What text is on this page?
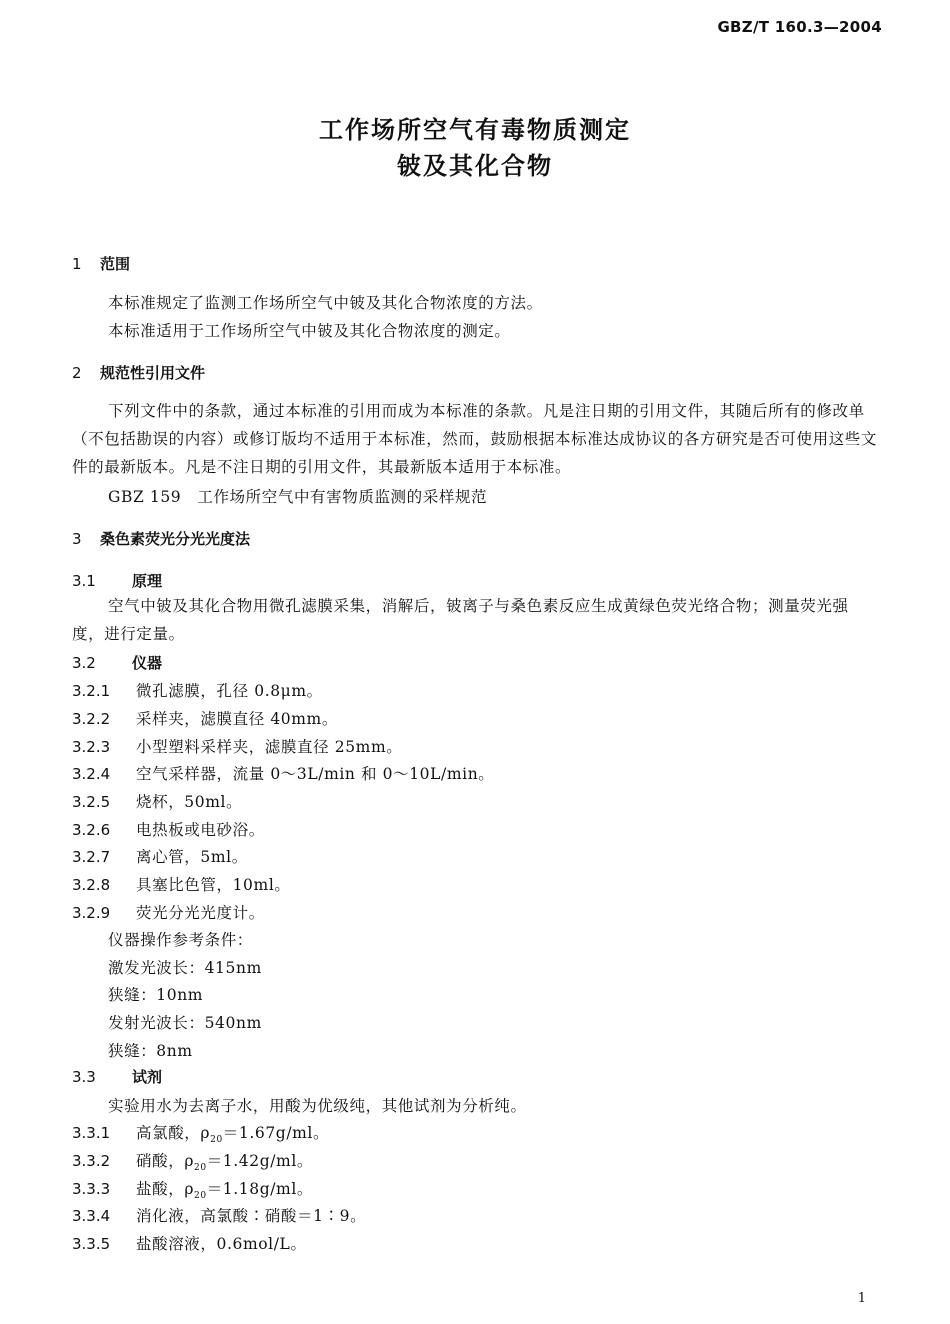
GBZ/T 160.3—2004
工作场所空气有毒物质测定
铍及其化合物
1 范围
本标准规定了监测工作场所空气中铍及其化合物浓度的方法。
本标准适用于工作场所空气中铍及其化合物浓度的测定。
2 规范性引用文件
下列文件中的条款，通过本标准的引用而成为本标准的条款。凡是注日期的引用文件，其随后所有的修改单（不包括勘误的内容）或修订版均不适用于本标准，然而，鼓励根据本标准达成协议的各方研究是否可使用这些文件的最新版本。凡是不注日期的引用文件，其最新版本适用于本标准。
GBZ 159　工作场所空气中有害物质监测的采样规范
3 桑色素荧光分光光度法
3.1 原理
空气中铍及其化合物用微孔滤膜采集，消解后，铍离子与桑色素反应生成黄绿色荧光络合物；测量荧光强度，进行定量。
3.2 仪器
3.2.1 微孔滤膜，孔径 0.8μm。
3.2.2 采样夹，滤膜直径 40mm。
3.2.3 小型塑料采样夹，滤膜直径 25mm。
3.2.4 空气采样器，流量 0～3L/min 和 0～10L/min。
3.2.5 烧杯，50ml。
3.2.6 电热板或电砂浴。
3.2.7 离心管，5ml。
3.2.8 具塞比色管，10ml。
3.2.9 荧光分光光度计。
仪器操作参考条件：
激发光波长：415nm
狭缝：10nm
发射光波长：540nm
狭缝：8nm
3.3 试剂
实验用水为去离子水，用酸为优级纯，其他试剂为分析纯。
3.3.1 高氯酸，$\rho_{20}=1.67g/ml$。
3.3.2 硝酸，$\rho_{20}=1.42g/ml$。
3.3.3 盐酸，$\rho_{20}=1.18g/ml$。
3.3.4 消化液，高氯酸∶硝酸＝1∶9。
3.3.5 盐酸溶液，0.6mol/L。
1
